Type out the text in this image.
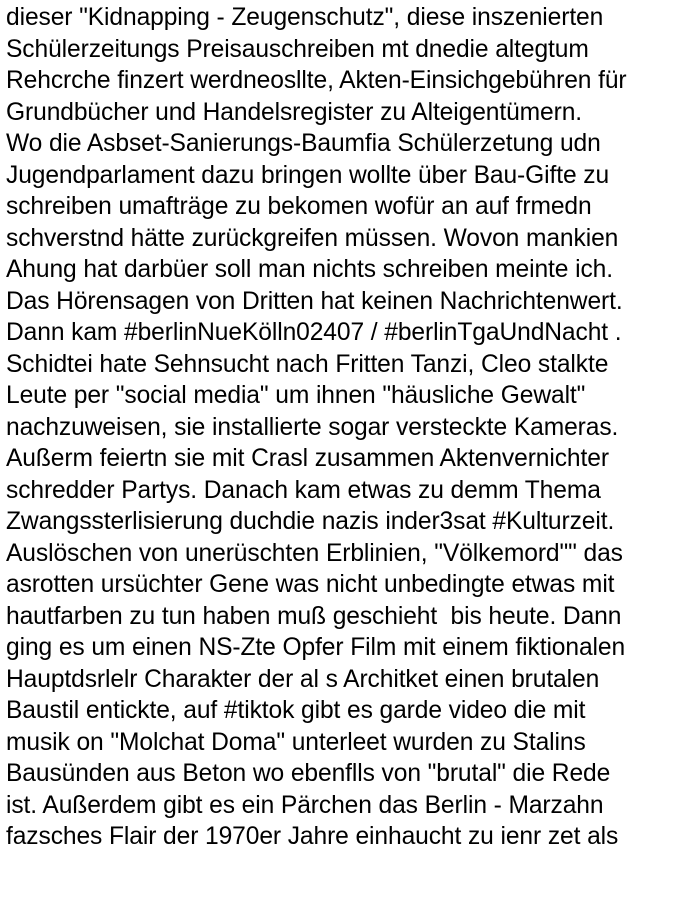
dieser "Kidnapping - Zeugenschutz", diese inszenierten
Schülerzeitungs Preisauschreiben mt dnedie altegtum
Rehcrche finzert werdneosllte, Akten-Einsichgebühren für
Grundbücher und Handelsregister zu Alteigentümern.
Wo die Asbset-Sanierungs-Baumfia Schülerzetung udn
Jugendparlament dazu bringen wollte über Bau-Gifte zu
schreiben umafträge zu bekomen wofür an auf frmedn
schverstnd hätte zurückgreifen müssen. Wovon mankien
Ahung hat darbüer soll man nichts schreiben meinte ich.
Das Hörensagen von Dritten hat keinen Nachrichtenwert.
Dann kam #berlinNueKölln02407 / #berlinTgaUndNacht .
Schidtei hate Sehnsucht nach Fritten Tanzi, Cleo stalkte
Leute per "social media" um ihnen "häusliche Gewalt"
nachzuweisen, sie installierte sogar versteckte Kameras.
Außerm feiertn sie mit Crasl zusammen Aktenvernichter
schredder Partys. Danach kam etwas zu demm Thema
Zwangssterlisierung duchdie nazis inder3sat #Kulturzeit.
Auslöschen von unerüschten Erblinien, "Völkemord"" das
asrotten ursüchter Gene was nicht unbedingte etwas mit
hautfarben zu tun haben muß geschieht  bis heute. Dann
ging es um einen NS-Zte Opfer Film mit einem fiktionalen
Hauptdsrlelr Charakter der al s Architket einen brutalen
Baustil entickte, auf #tiktok gibt es garde video die mit
musik on "Molchat Doma" unterleet wurden zu Stalins
Bausünden aus Beton wo ebenflls von "brutal" die Rede
ist. Außerdem gibt es ein Pärchen das Berlin - Marzahn
fazsches Flair der 1970er Jahre einhaucht zu ienr zet als
